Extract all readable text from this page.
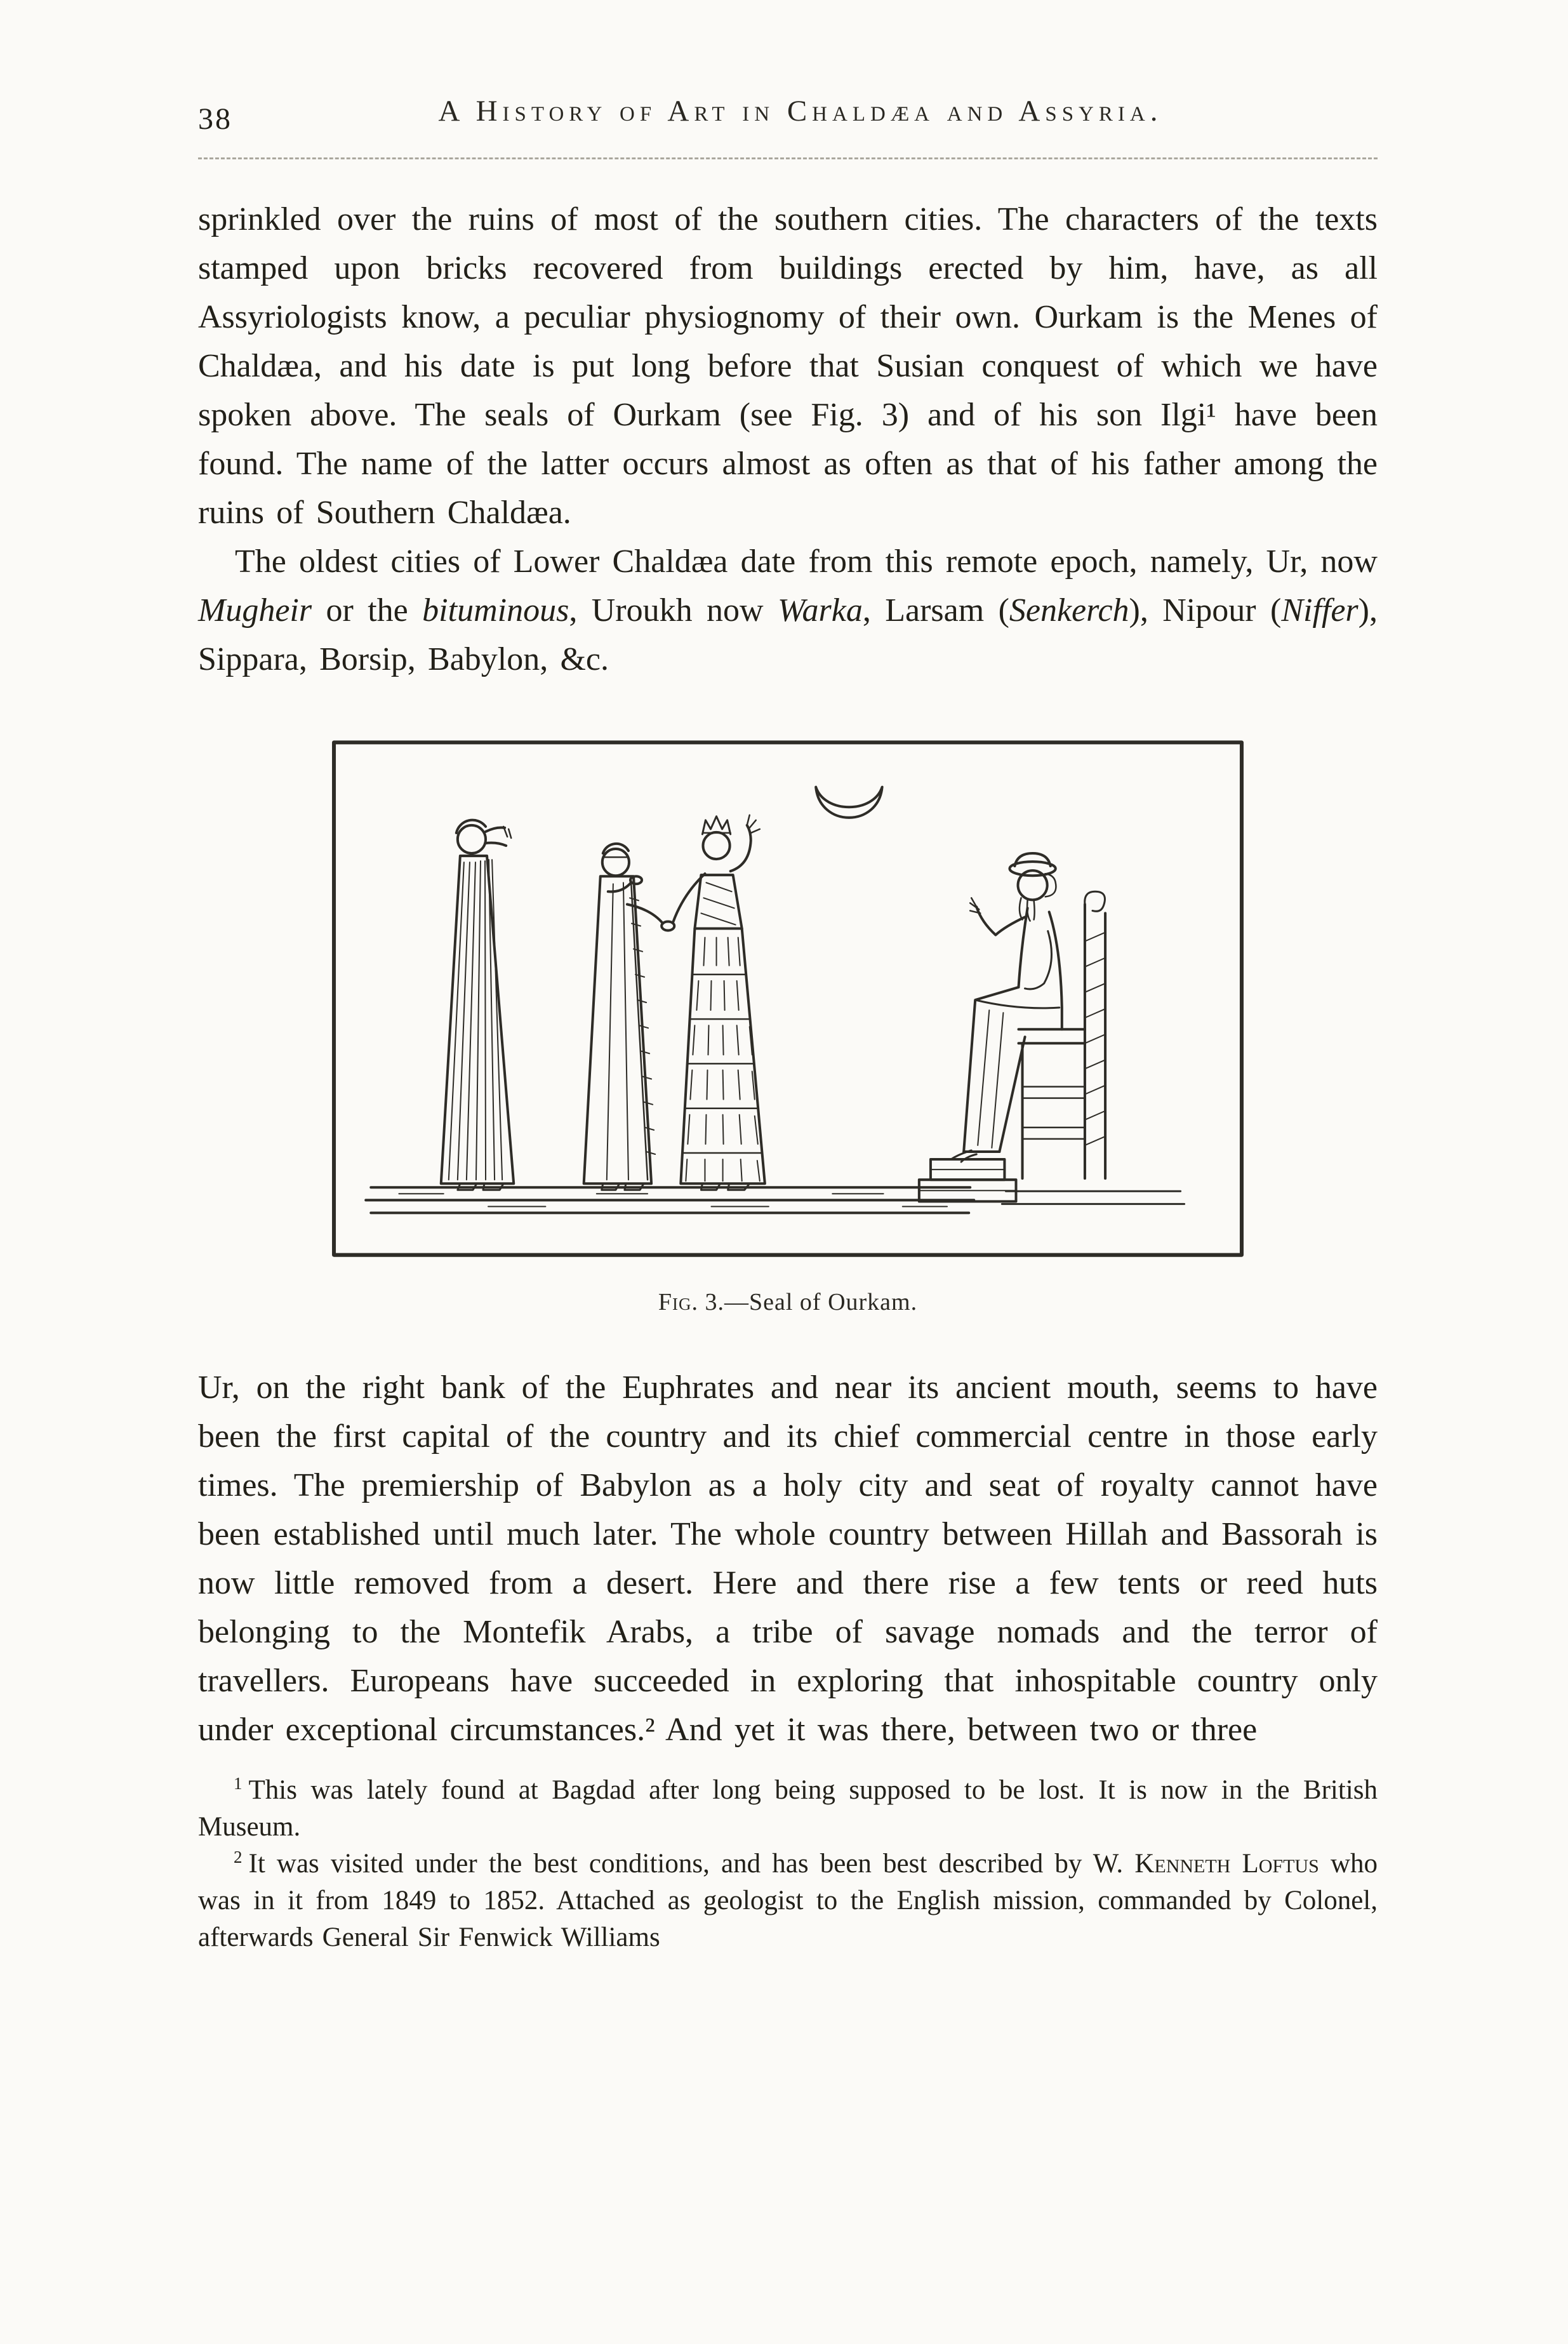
38	A History of Art in Chaldæa and Assyria.

sprinkled over the ruins of most of the southern cities. The characters of the texts stamped upon bricks recovered from buildings erected by him, have, as all Assyriologists know, a peculiar physiognomy of their own. Ourkam is the Menes of Chaldæa, and his date is put long before that Susian conquest of which we have spoken above. The seals of Ourkam (see Fig. 3) and of his son Ilgi¹ have been found. The name of the latter occurs almost as often as that of his father among the ruins of Southern Chaldæa.

The oldest cities of Lower Chaldæa date from this remote epoch, namely, Ur, now Mugheir or the bituminous, Uroukh now Warka, Larsam (Senkerch), Nipour (Niffer), Sippara, Borsip, Babylon, &c.

Fig. 3.—Seal of Ourkam.

Ur, on the right bank of the Euphrates and near its ancient mouth, seems to have been the first capital of the country and its chief commercial centre in those early times. The premiership of Babylon as a holy city and seat of royalty cannot have been established until much later. The whole country between Hillah and Bassorah is now little removed from a desert. Here and there rise a few tents or reed huts belonging to the Montefik Arabs, a tribe of savage nomads and the terror of travellers. Europeans have succeeded in exploring that inhospitable country only under exceptional circumstances.² And yet it was there, between two or three

$^1$ This was lately found at Bagdad after long being supposed to be lost. It is now in the British Museum.

$^2$ It was visited under the best conditions, and has been best described by W. Kenneth Loftus who was in it from 1849 to 1852. Attached as geologist to the English mission, commanded by Colonel, afterwards General Sir Fenwick Williams
